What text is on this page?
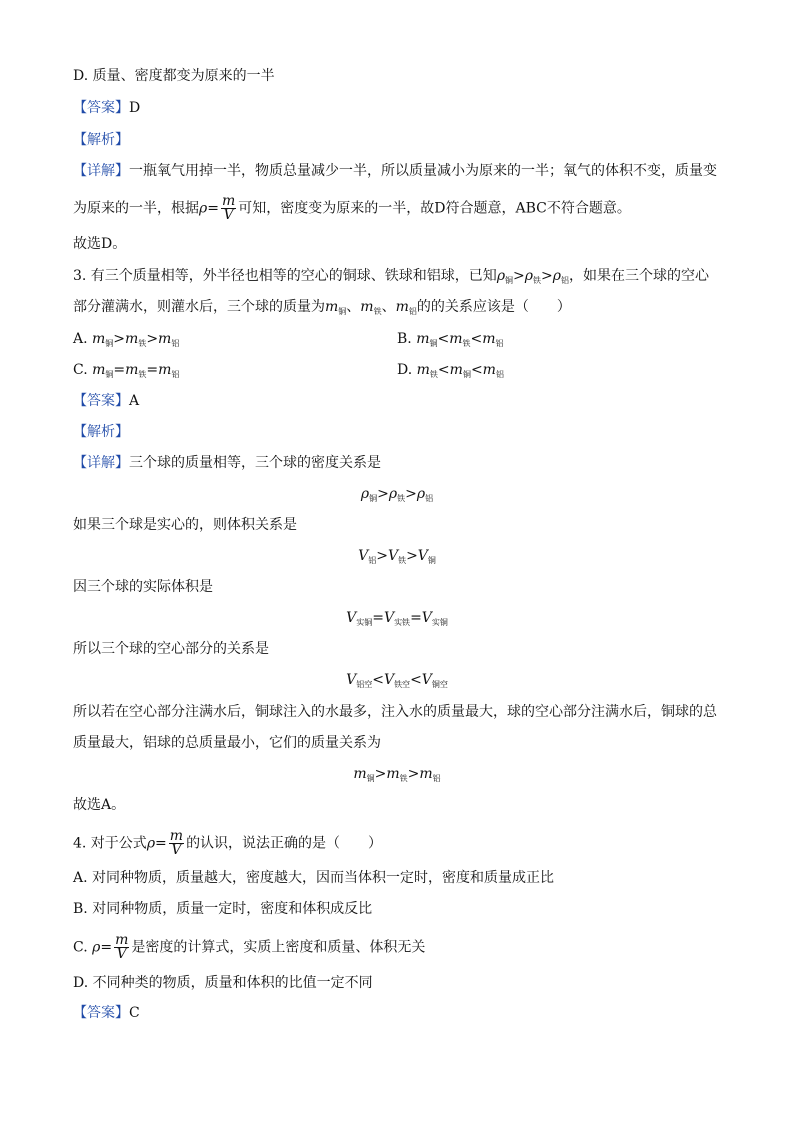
D. 质量、密度都变为原来的一半
【答案】D
【解析】
【详解】一瓶氧气用掉一半，物质总量减少一半，所以质量减小为原来的一半；氧气的体积不变，质量变
为原来的一半，根据$\rho= \frac{m}{V}$ 可知，密度变为原来的一半，故D符合题意，ABC不符合题意。
故选D。
3. 有三个质量相等，外半径也相等的空心的铜球、铁球和铝球，已知$\rho_铜>\rho_铁>\rho_铝$，如果在三个球的空心
部分灌满水，则灌水后，三个球的质量为$m_铜$、$m_铁$、$m_铝$的的关系应该是（　　）
A. $m_铜>m_铁>m_铝$	B. $m_铜<m_铁<m_铝$
C. $m_铜=m_铁=m_铝$	D. $m_铁<m_铜<m_铝$
【答案】A
【解析】
【详解】三个球的质量相等，三个球的密度关系是
$\rho_铜>\rho_铁>\rho_铝$
如果三个球是实心的，则体积关系是
$V_铝>V_铁>V_铜$
因三个球的实际体积是
$V_{实铜}=V_{实铁}=V_{实铜}$
所以三个球的空心部分的关系是
$V_{铝空}<V_{铁空}<V_{铜空}$
所以若在空心部分注满水后，铜球注入的水最多，注入水的质量最大，球的空心部分注满水后，铜球的总
质量最大，铝球的总质量最小，它们的质量关系为
$m_铜>m_铁>m_铝$
故选A。
4. 对于公式$\rho= \frac{m}{V}$ 的认识，说法正确的是（　　）
A. 对同种物质，质量越大，密度越大，因而当体积一定时，密度和质量成正比
B. 对同种物质，质量一定时，密度和体积成反比
C. $\rho= \frac{m}{V}$ 是密度的计算式，实质上密度和质量、体积无关
D. 不同种类的物质，质量和体积的比值一定不同
【答案】C
